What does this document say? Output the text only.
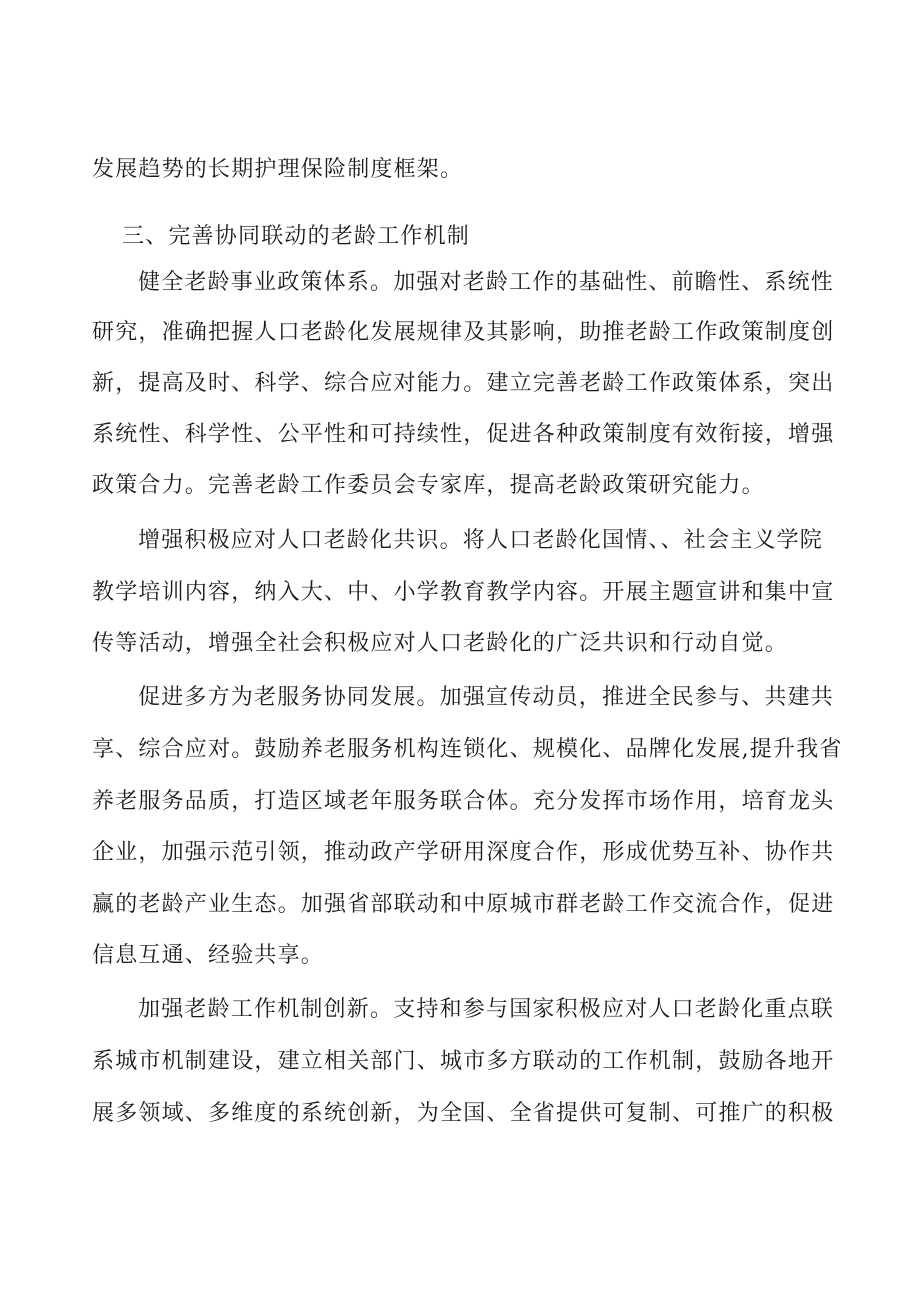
发展趋势的长期护理保险制度框架。
三、完善协同联动的老龄工作机制
健全老龄事业政策体系。加强对老龄工作的基础性、前瞻性、系统性
研究，准确把握人口老龄化发展规律及其影响，助推老龄工作政策制度创
新，提高及时、科学、综合应对能力。建立完善老龄工作政策体系，突出
系统性、科学性、公平性和可持续性，促进各种政策制度有效衔接，增强
政策合力。完善老龄工作委员会专家库，提高老龄政策研究能力。
增强积极应对人口老龄化共识。将人口老龄化国情、、社会主义学院
教学培训内容，纳入大、中、小学教育教学内容。开展主题宣讲和集中宣
传等活动，增强全社会积极应对人口老龄化的广泛共识和行动自觉。
促进多方为老服务协同发展。加强宣传动员，推进全民参与、共建共
享、综合应对。鼓励养老服务机构连锁化、规模化、品牌化发展,提升我省
养老服务品质，打造区域老年服务联合体。充分发挥市场作用，培育龙头
企业，加强示范引领，推动政产学研用深度合作，形成优势互补、协作共
赢的老龄产业生态。加强省部联动和中原城市群老龄工作交流合作，促进
信息互通、经验共享。
加强老龄工作机制创新。支持和参与国家积极应对人口老龄化重点联
系城市机制建设，建立相关部门、城市多方联动的工作机制，鼓励各地开
展多领域、多维度的系统创新，为全国、全省提供可复制、可推广的积极
